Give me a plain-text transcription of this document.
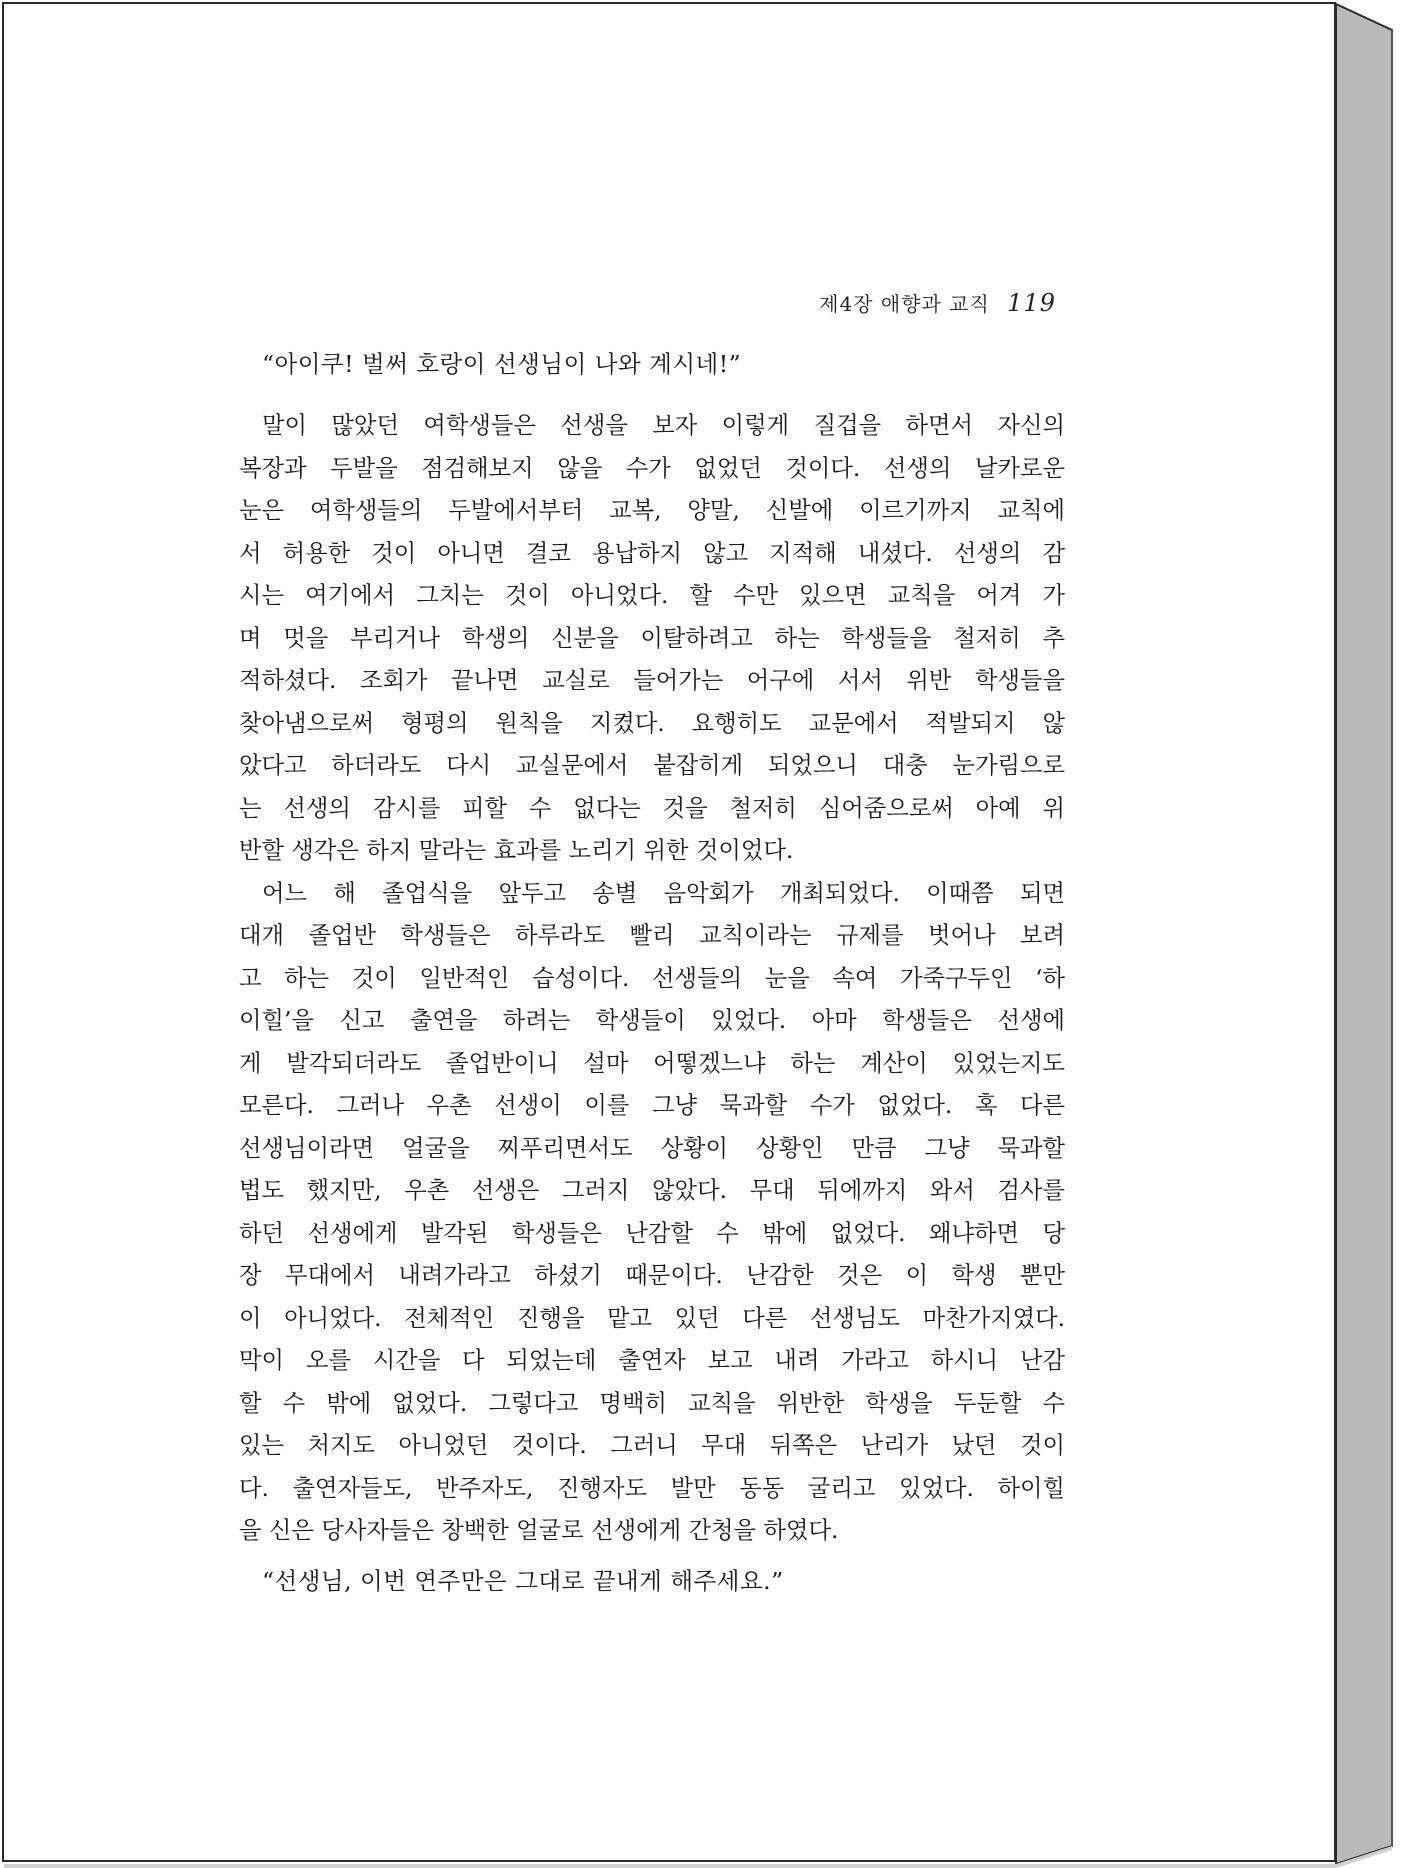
제4장 애향과 교직 119
“아이쿠! 벌써 호랑이 선생님이 나와 계시네!”
말이 많았던 여학생들은 선생을 보자 이렇게 질겁을 하면서 자신의
복장과 두발을 점검해보지 않을 수가 없었던 것이다. 선생의 날카로운
눈은 여학생들의 두발에서부터 교복, 양말, 신발에 이르기까지 교칙에
서 허용한 것이 아니면 결코 용납하지 않고 지적해 내셨다. 선생의 감
시는 여기에서 그치는 것이 아니었다. 할 수만 있으면 교칙을 어겨 가
며 멋을 부리거나 학생의 신분을 이탈하려고 하는 학생들을 철저히 추
적하셨다. 조회가 끝나면 교실로 들어가는 어구에 서서 위반 학생들을
찾아냄으로써 형평의 원칙을 지켰다. 요행히도 교문에서 적발되지 않
았다고 하더라도 다시 교실문에서 붙잡히게 되었으니 대충 눈가림으로
는 선생의 감시를 피할 수 없다는 것을 철저히 심어줌으로써 아예 위
반할 생각은 하지 말라는 효과를 노리기 위한 것이었다.
어느 해 졸업식을 앞두고 송별 음악회가 개최되었다. 이때쯤 되면
대개 졸업반 학생들은 하루라도 빨리 교칙이라는 규제를 벗어나 보려
고 하는 것이 일반적인 습성이다. 선생들의 눈을 속여 가죽구두인 ‘하
이힐’을 신고 출연을 하려는 학생들이 있었다. 아마 학생들은 선생에
게 발각되더라도 졸업반이니 설마 어떻겠느냐 하는 계산이 있었는지도
모른다. 그러나 우촌 선생이 이를 그냥 묵과할 수가 없었다. 혹 다른
선생님이라면 얼굴을 찌푸리면서도 상황이 상황인 만큼 그냥 묵과할
법도 했지만, 우촌 선생은 그러지 않았다. 무대 뒤에까지 와서 검사를
하던 선생에게 발각된 학생들은 난감할 수 밖에 없었다. 왜냐하면 당
장 무대에서 내려가라고 하셨기 때문이다. 난감한 것은 이 학생 뿐만
이 아니었다. 전체적인 진행을 맡고 있던 다른 선생님도 마찬가지였다.
막이 오를 시간을 다 되었는데 출연자 보고 내려 가라고 하시니 난감
할 수 밖에 없었다. 그렇다고 명백히 교칙을 위반한 학생을 두둔할 수
있는 처지도 아니었던 것이다. 그러니 무대 뒤쪽은 난리가 났던 것이
다. 출연자들도, 반주자도, 진행자도 발만 동동 굴리고 있었다. 하이힐
을 신은 당사자들은 창백한 얼굴로 선생에게 간청을 하였다.
“선생님, 이번 연주만은 그대로 끝내게 해주세요.”
